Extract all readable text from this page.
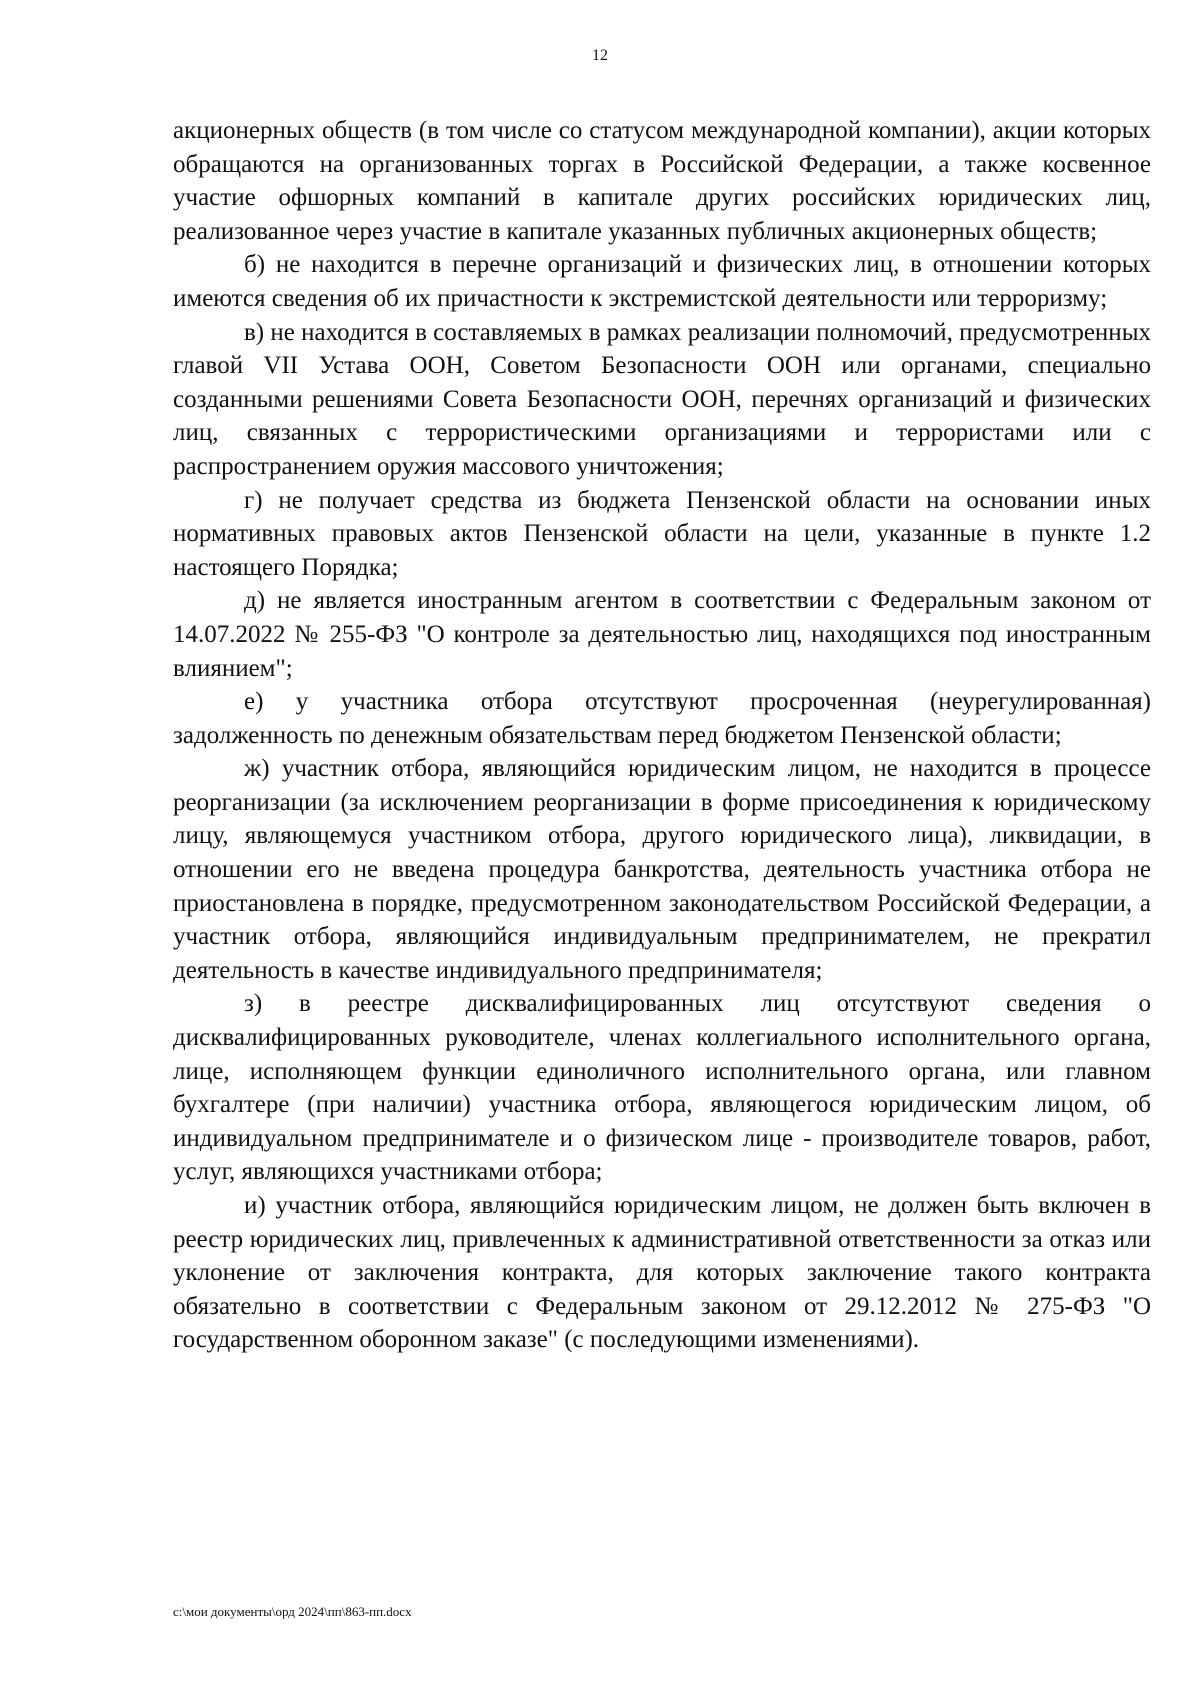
12

акционерных обществ (в том числе со статусом международной компании), акции которых обращаются на организованных торгах в Российской Федерации, а также косвенное участие офшорных компаний в капитале других российских юридических лиц, реализованное через участие в капитале указанных публичных акционерных обществ;

б) не находится в перечне организаций и физических лиц, в отношении которых имеются сведения об их причастности к экстремистской деятельности или терроризму;

в) не находится в составляемых в рамках реализации полномочий, предусмотренных главой VII Устава ООН, Советом Безопасности ООН или органами, специально созданными решениями Совета Безопасности ООН, перечнях организаций и физических лиц, связанных с террористическими организациями и террористами или с распространением оружия массового уничтожения;

г) не получает средства из бюджета Пензенской области на основании иных нормативных правовых актов Пензенской области на цели, указанные в пункте 1.2 настоящего Порядка;

д) не является иностранным агентом в соответствии с Федеральным законом от 14.07.2022 № 255-ФЗ "О контроле за деятельностью лиц, находящихся под иностранным влиянием";

е) у участника отбора отсутствуют просроченная (неурегулированная) задолженность по денежным обязательствам перед бюджетом Пензенской области;

ж) участник отбора, являющийся юридическим лицом, не находится в процессе реорганизации (за исключением реорганизации в форме присоединения к юридическому лицу, являющемуся участником отбора, другого юридического лица), ликвидации, в отношении его не введена процедура банкротства, деятельность участника отбора не приостановлена в порядке, предусмотренном законодательством Российской Федерации, а участник отбора, являющийся индивидуальным предпринимателем, не прекратил деятельность в качестве индивидуального предпринимателя;

з) в реестре дисквалифицированных лиц отсутствуют сведения о дисквалифицированных руководителе, членах коллегиального исполнительного органа, лице, исполняющем функции единоличного исполнительного органа, или главном бухгалтере (при наличии) участника отбора, являющегося юридическим лицом, об индивидуальном предпринимателе и о физическом лице - производителе товаров, работ, услуг, являющихся участниками отбора;

и) участник отбора, являющийся юридическим лицом, не должен быть включен в реестр юридических лиц, привлеченных к административной ответственности за отказ или уклонение от заключения контракта, для которых заключение такого контракта обязательно в соответствии с Федеральным законом от 29.12.2012 № 275-ФЗ "О государственном оборонном заказе" (с последующими изменениями).

c:\мои документы\орд 2024\пп\863-пп.docx
